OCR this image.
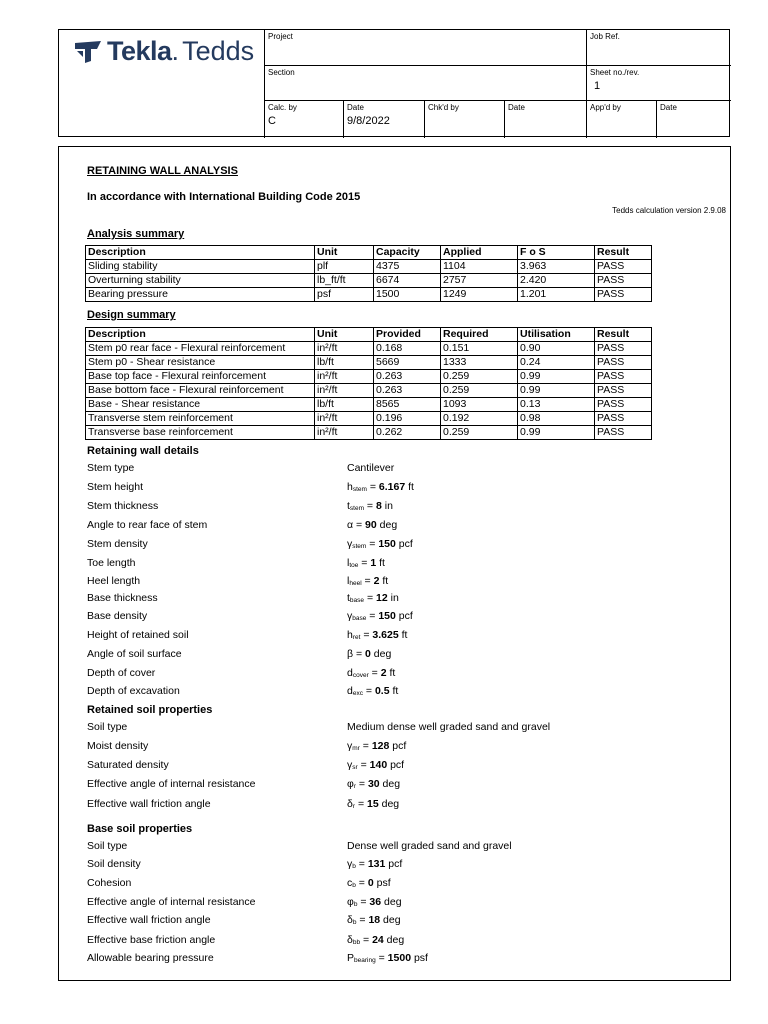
Tekla . Tedds	Project	Job Ref.
Section	Sheet no./rev.
1
Calc. by
C
Date
9/8/2022
Chk'd by	Date	App'd by	Date
RETAINING WALL ANALYSIS
In accordance with International Building Code 2015
Tedds calculation version 2.9.08
Analysis summary
Description	Unit	Capacity	Applied	F o S	Result
Sliding stability	plf	4375	1104	3.963	PASS
Overturning stability	lb_ft/ft	6674	2757	2.420	PASS
Bearing pressure	psf	1500	1249	1.201	PASS
Design summary
Description	Unit	Provided	Required	Utilisation	Result
Stem p0 rear face - Flexural reinforcement	in²/ft	0.168	0.151	0.90	PASS
Stem p0 - Shear resistance	lb/ft	5669	1333	0.24	PASS
Base top face - Flexural reinforcement	in²/ft	0.263	0.259	0.99	PASS
Base bottom face - Flexural reinforcement	in²/ft	0.263	0.259	0.99	PASS
Base - Shear resistance	lb/ft	8565	1093	0.13	PASS
Transverse stem reinforcement	in²/ft	0.196	0.192	0.98	PASS
Transverse base reinforcement	in²/ft	0.262	0.259	0.99	PASS
Retaining wall details
Stem type	Cantilever
Stem height	$h_{stem} = 6.167$ ft
Stem thickness	$t_{stem} = 8$ in
Angle to rear face of stem	α = 90 deg
Stem density	$\gamma_{stem} = 150$ pcf
Toe length	$l_{toe} = 1$ ft
Heel length	$l_{heel} = 2$ ft
Base thickness	$t_{base} = 12$ in
Base density	$\gamma_{base} = 150$ pcf
Height of retained soil	$h_{ret} = 3.625$ ft
Angle of soil surface	β = 0 deg
Depth of cover	$d_{cover} = 2$ ft
Depth of excavation	$d_{exc} = 0.5$ ft
Retained soil properties
Soil type	Medium dense well graded sand and gravel
Moist density	$\gamma_{mr} = 128$ pcf
Saturated density	$\gamma_{sr} = 140$ pcf
Effective angle of internal resistance	$\varphi_r = 30$ deg
Effective wall friction angle	$\delta_r = 15$ deg
Base soil properties
Soil type	Dense well graded sand and gravel
Soil density	$\gamma_b = 131$ pcf
Cohesion	$c_b = 0$ psf
Effective angle of internal resistance	$\varphi_b = 36$ deg
Effective wall friction angle	$\delta_b = 18$ deg
Effective base friction angle	$\delta_{bb} = 24$ deg
Allowable bearing pressure	$P_{bearing} = 1500$ psf
